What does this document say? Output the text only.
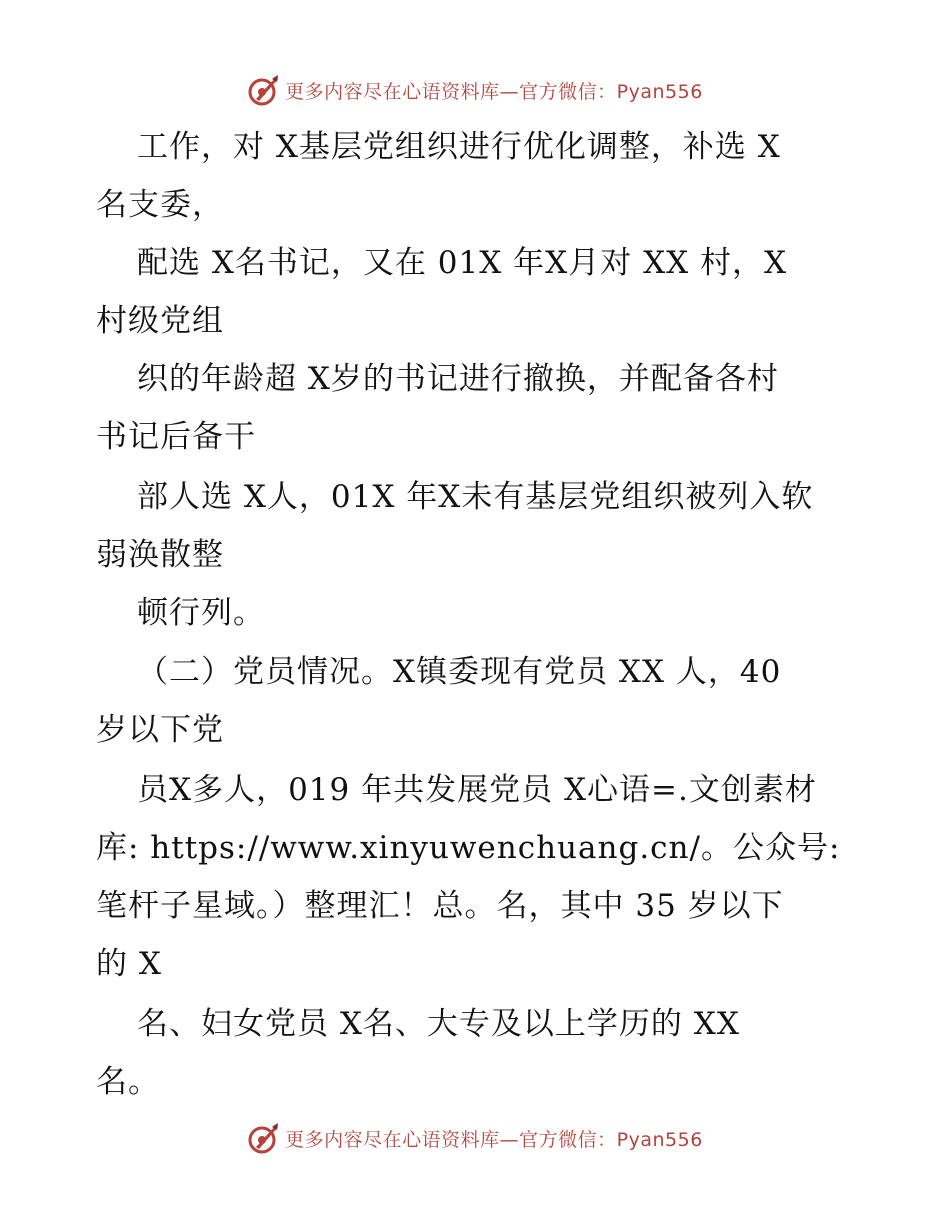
更多内容尽在心语资料库—官方微信：Pyan556
工作，对 X基层党组织进行优化调整，补选 X
名支委，
配选 X名书记，又在 01X 年X月对 XX 村，X
村级党组
织的年龄超 X岁的书记进行撤换，并配备各村
书记后备干
部人选 X人，01X 年X未有基层党组织被列入软
弱涣散整
顿行列。
（二）党员情况。X镇委现有党员 XX 人，40
岁以下党
员X多人，019 年共发展党员 X心语=.文创素材
库: https://www.xinyuwenchuang.cn/。公众号:
笔杆子星域。）整理汇！总。名，其中 35 岁以下
的 X
名、妇女党员 X名、大专及以上学历的 XX
名。
更多内容尽在心语资料库—官方微信：Pyan556
